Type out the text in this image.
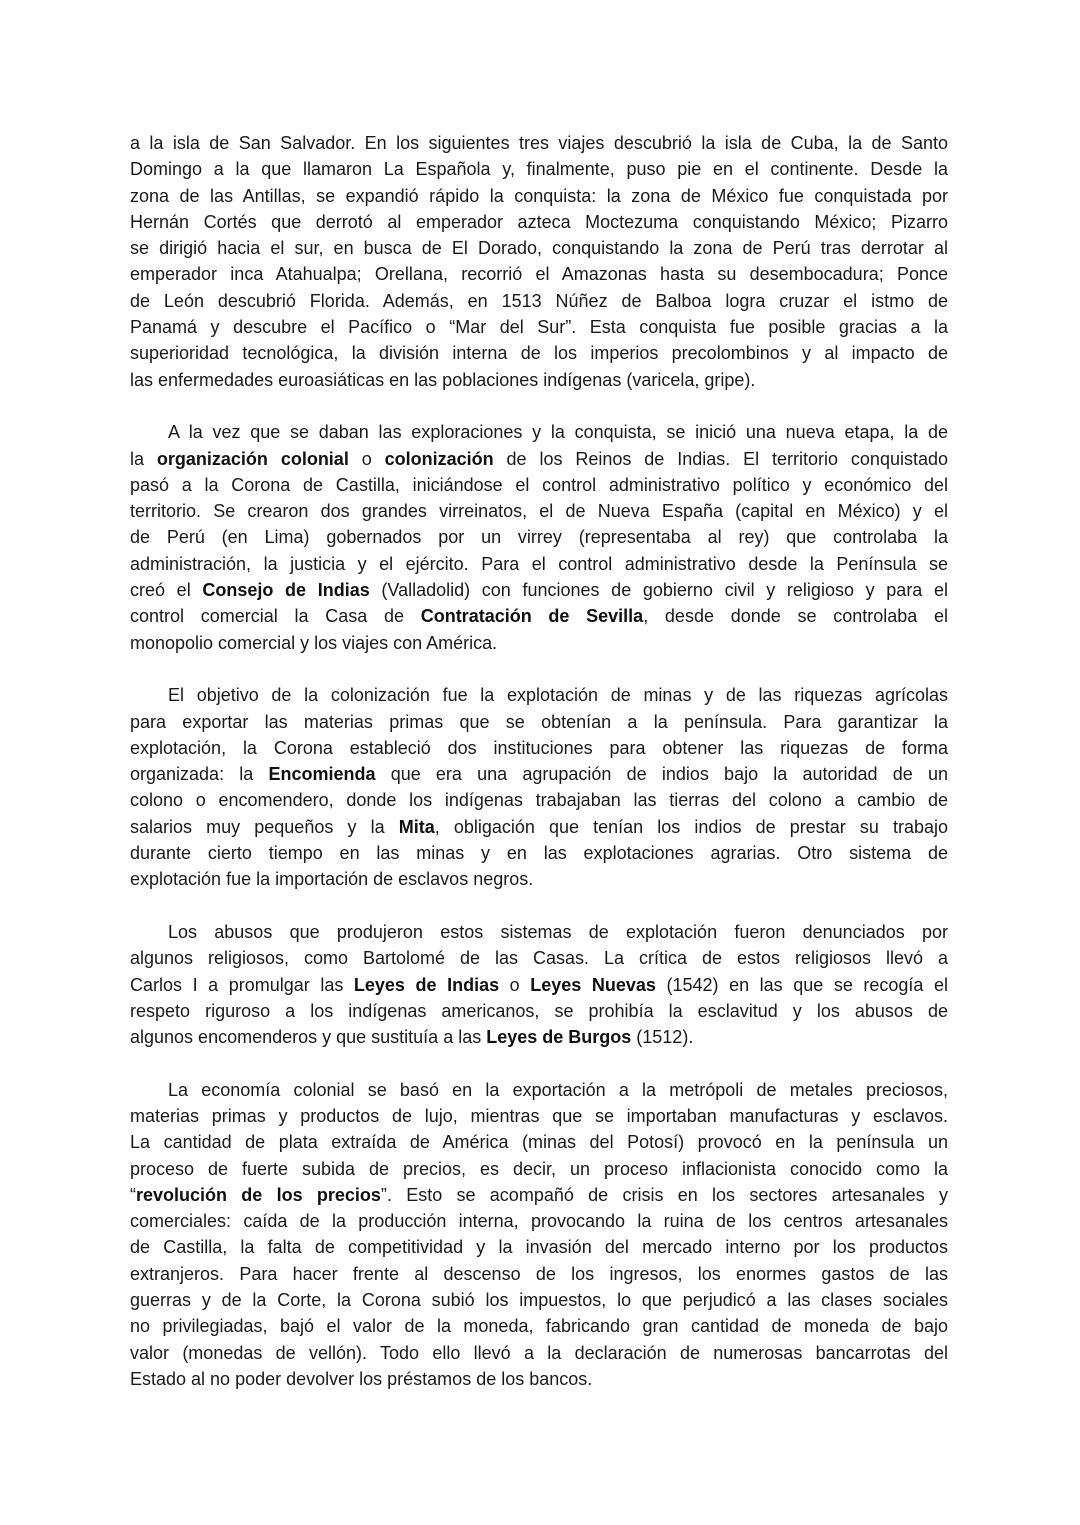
a la isla de San Salvador. En los siguientes tres viajes descubrió la isla de Cuba, la de Santo
Domingo a la que llamaron La Española y, finalmente, puso pie en el continente. Desde la
zona de las Antillas, se expandió rápido la conquista: la zona de México fue conquistada por
Hernán Cortés que derrotó al emperador azteca Moctezuma conquistando México; Pizarro
se dirigió hacia el sur, en busca de El Dorado, conquistando la zona de Perú tras derrotar al
emperador inca Atahualpa; Orellana, recorrió el Amazonas hasta su desembocadura; Ponce
de León descubrió Florida. Además, en 1513 Núñez de Balboa logra cruzar el istmo de
Panamá y descubre el Pacífico o “Mar del Sur”. Esta conquista fue posible gracias a la
superioridad tecnológica, la división interna de los imperios precolombinos y al impacto de
las enfermedades euroasiáticas en las poblaciones indígenas (varicela, gripe).
A la vez que se daban las exploraciones y la conquista, se inició una nueva etapa, la de
la organización colonial o colonización de los Reinos de Indias. El territorio conquistado
pasó a la Corona de Castilla, iniciándose el control administrativo político y económico del
territorio. Se crearon dos grandes virreinatos, el de Nueva España (capital en México) y el
de Perú (en Lima) gobernados por un virrey (representaba al rey) que controlaba la
administración, la justicia y el ejército. Para el control administrativo desde la Península se
creó el Consejo de Indias (Valladolid) con funciones de gobierno civil y religioso y para el
control comercial la Casa de Contratación de Sevilla, desde donde se controlaba el
monopolio comercial y los viajes con América.
El objetivo de la colonización fue la explotación de minas y de las riquezas agrícolas
para exportar las materias primas que se obtenían a la península. Para garantizar la
explotación, la Corona estableció dos instituciones para obtener las riquezas de forma
organizada: la Encomienda que era una agrupación de indios bajo la autoridad de un
colono o encomendero, donde los indígenas trabajaban las tierras del colono a cambio de
salarios muy pequeños y la Mita, obligación que tenían los indios de prestar su trabajo
durante cierto tiempo en las minas y en las explotaciones agrarias. Otro sistema de
explotación fue la importación de esclavos negros.
Los abusos que produjeron estos sistemas de explotación fueron denunciados por
algunos religiosos, como Bartolomé de las Casas. La crítica de estos religiosos llevó a
Carlos I a promulgar las Leyes de Indias o Leyes Nuevas (1542) en las que se recogía el
respeto riguroso a los indígenas americanos, se prohibía la esclavitud y los abusos de
algunos encomenderos y que sustituía a las Leyes de Burgos (1512).
La economía colonial se basó en la exportación a la metrópoli de metales preciosos,
materias primas y productos de lujo, mientras que se importaban manufacturas y esclavos.
La cantidad de plata extraída de América (minas del Potosí) provocó en la península un
proceso de fuerte subida de precios, es decir, un proceso inflacionista conocido como la
“revolución de los precios”. Esto se acompañó de crisis en los sectores artesanales y
comerciales: caída de la producción interna, provocando la ruina de los centros artesanales
de Castilla, la falta de competitividad y la invasión del mercado interno por los productos
extranjeros. Para hacer frente al descenso de los ingresos, los enormes gastos de las
guerras y de la Corte, la Corona subió los impuestos, lo que perjudicó a las clases sociales
no privilegiadas, bajó el valor de la moneda, fabricando gran cantidad de moneda de bajo
valor (monedas de vellón). Todo ello llevó a la declaración de numerosas bancarrotas del
Estado al no poder devolver los préstamos de los bancos.
